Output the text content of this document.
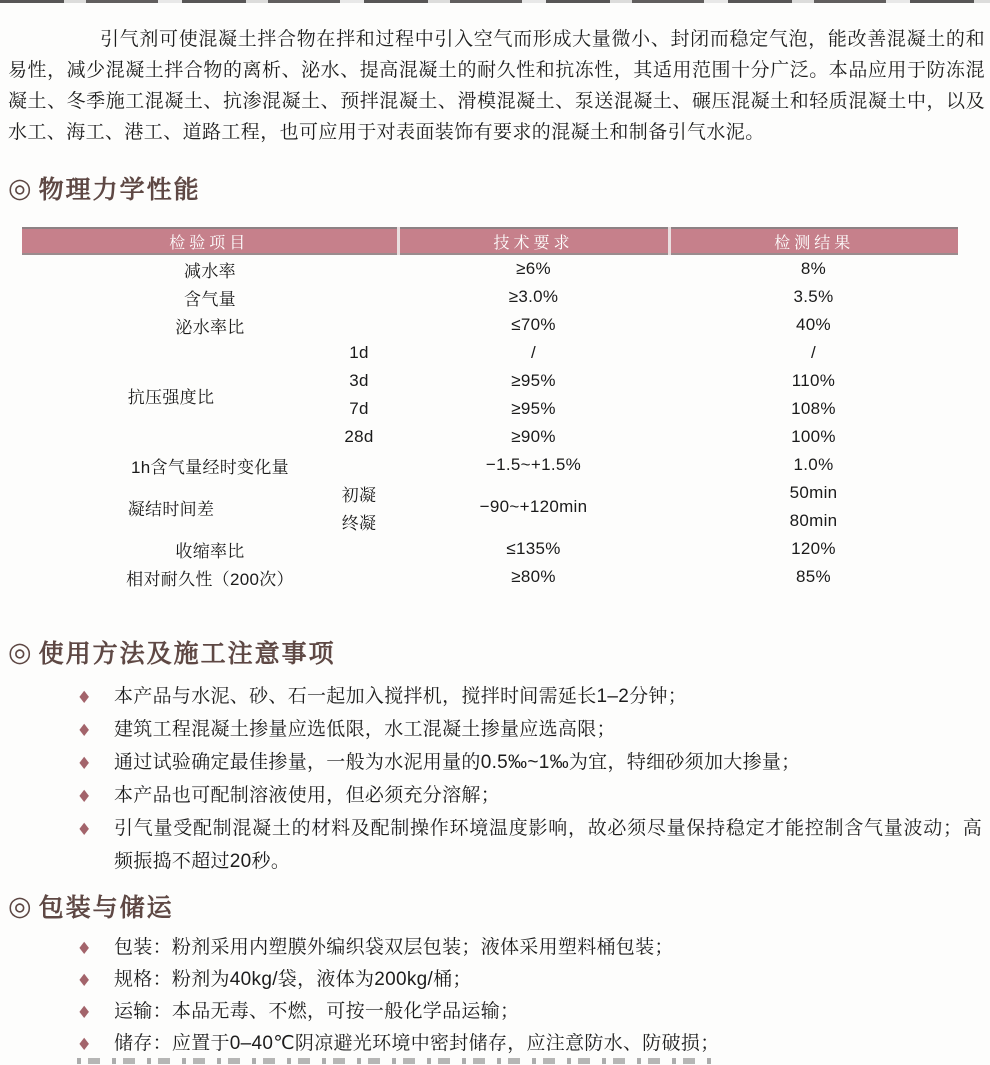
引气剂可使混凝土拌合物在拌和过程中引入空气而形成大量微小、封闭而稳定气泡，能改善混凝土的和易性，减少混凝土拌合物的离析、泌水、提高混凝土的耐久性和抗冻性，其适用范围十分广泛。本品应用于防冻混凝土、冬季施工混凝土、抗渗混凝土、预拌混凝土、滑模混凝土、泵送混凝土、碾压混凝土和轻质混凝土中，以及水工、海工、港工、道路工程，也可应用于对表面装饰有要求的混凝土和制备引气水泥。

◎ 物理力学性能
检验项目		技术要求	检测结果
减水率		≥6%	8%
含气量		≥3.0%	3.5%
泌水率比		≤70%	40%
抗压强度比	1d	/	/
	3d	≥95%	110%
	7d	≥95%	108%
	28d	≥90%	100%
1h含气量经时变化量		−1.5~+1.5%	1.0%
凝结时间差	初凝	−90~+120min	50min
	终凝		80min
收缩率比		≤135%	120%
相对耐久性（200次）		≥80%	85%
◎ 使用方法及施工注意事项
◆ 本产品与水泥、砂、石一起加入搅拌机，搅拌时间需延长1–2分钟；
◆ 建筑工程混凝土掺量应选低限，水工混凝土掺量应选高限；
◆ 通过试验确定最佳掺量，一般为水泥用量的0.5‰~1‰为宜，特细砂须加大掺量；
◆ 本产品也可配制溶液使用，但必须充分溶解；
◆ 引气量受配制混凝土的材料及配制操作环境温度影响，故必须尽量保持稳定才能控制含气量波动；高频振捣不超过20秒。
◎ 包装与储运
◆ 包装：粉剂采用内塑膜外编织袋双层包装；液体采用塑料桶包装；
◆ 规格：粉剂为40kg/袋，液体为200kg/桶；
◆ 运输：本品无毒、不燃，可按一般化学品运输；
◆ 储存：应置于0–40℃阴凉避光环境中密封储存，应注意防水、防破损；
